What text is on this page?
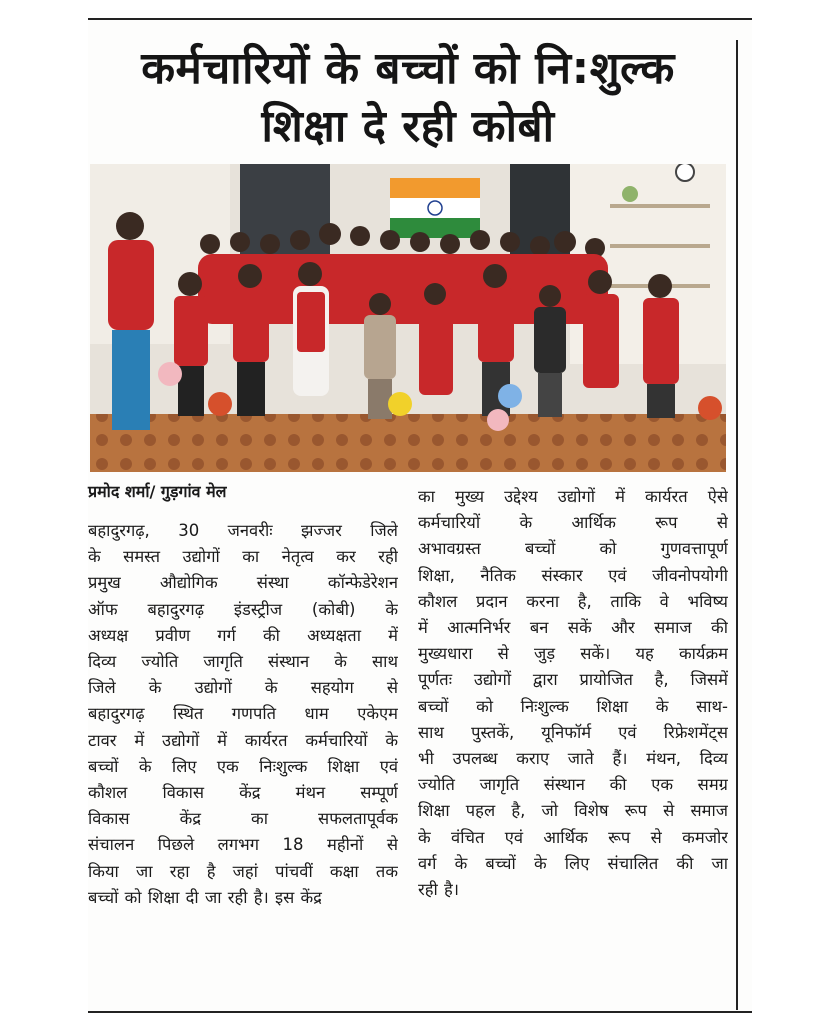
कर्मचारियों के बच्चों को नि:शुल्क
शिक्षा दे रही कोबी
प्रमोद शर्मा/ गुड़गांव मेल
बहादुरगढ़, 30 जनवरीः झज्जर जिले
के समस्त उद्योगों का नेतृत्व कर रही
प्रमुख औद्योगिक संस्था कॉन्फेडेरेशन
ऑफ बहादुरगढ़ इंडस्ट्रीज (कोबी) के
अध्यक्ष प्रवीण गर्ग की अध्यक्षता में
दिव्य ज्योति जागृति संस्थान के साथ
जिले के उद्योगों के सहयोग से
बहादुरगढ़ स्थित गणपति धाम एकेएम
टावर में उद्योगों में कार्यरत कर्मचारियों के
बच्चों के लिए एक निःशुल्क शिक्षा एवं
कौशल विकास केंद्र मंथन सम्पूर्ण
विकास केंद्र का सफलतापूर्वक
संचालन पिछले लगभग 18 महीनों से
किया जा रहा है जहां पांचवीं कक्षा तक
बच्चों को शिक्षा दी जा रही है। इस केंद्र
का मुख्य उद्देश्य उद्योगों में कार्यरत ऐसे
कर्मचारियों के आर्थिक रूप से
अभावग्रस्त बच्चों को गुणवत्तापूर्ण
शिक्षा, नैतिक संस्कार एवं जीवनोपयोगी
कौशल प्रदान करना है, ताकि वे भविष्य
में आत्मनिर्भर बन सकें और समाज की
मुख्यधारा से जुड़ सकें। यह कार्यक्रम
पूर्णतः उद्योगों द्वारा प्रायोजित है, जिसमें
बच्चों को निःशुल्क शिक्षा के साथ-
साथ पुस्तकें, यूनिफॉर्म एवं रिफ्रेशमेंट्स
भी उपलब्ध कराए जाते हैं। मंथन, दिव्य
ज्योति जागृति संस्थान की एक समग्र
शिक्षा पहल है, जो विशेष रूप से समाज
के वंचित एवं आर्थिक रूप से कमजोर
वर्ग के बच्चों के लिए संचालित की जा
रही है।
